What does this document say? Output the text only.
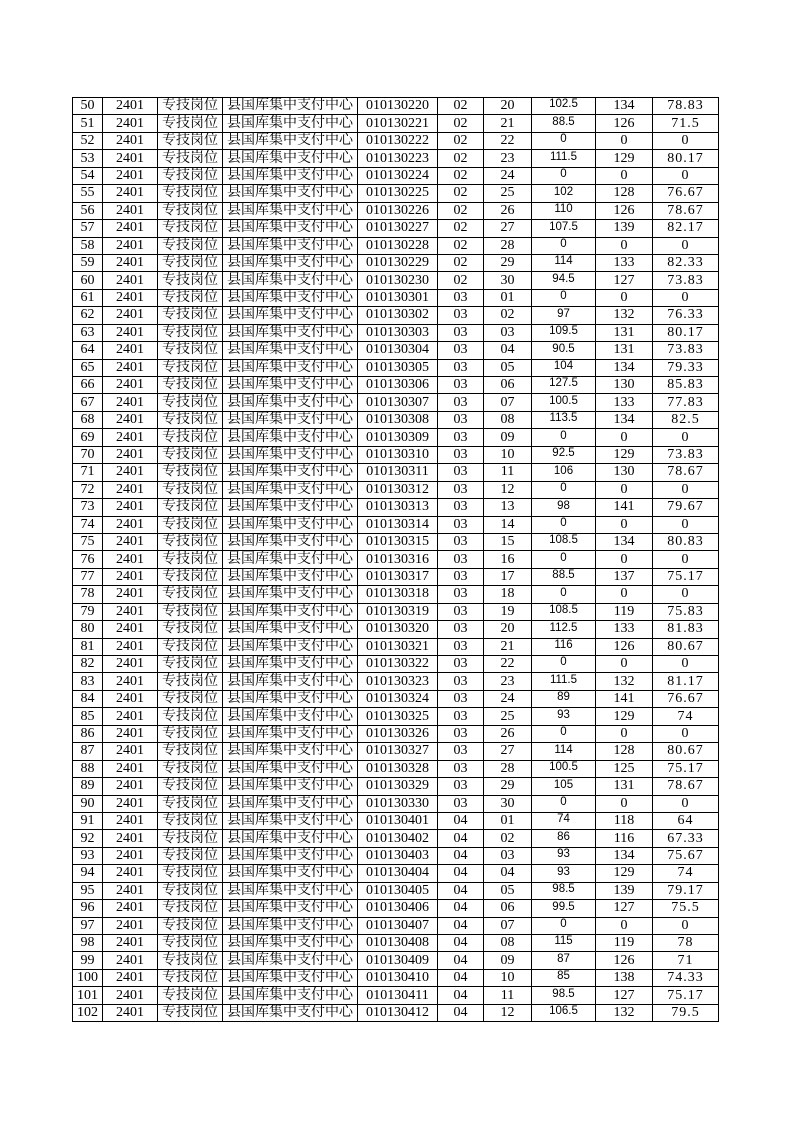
50	2401	专技岗位 县国库集中支付中心 010130220	02	20	102.5	134	78.83
51	2401	专技岗位 县国库集中支付中心 010130221	02	21	88.5	126	71.5
52	2401	专技岗位 县国库集中支付中心 010130222	02	22	0	0	0
53	2401	专技岗位 县国库集中支付中心 010130223	02	23	111.5	129	80.17
54	2401	专技岗位 县国库集中支付中心 010130224	02	24	0	0	0
55	2401	专技岗位 县国库集中支付中心 010130225	02	25	102	128	76.67
56	2401	专技岗位 县国库集中支付中心 010130226	02	26	110	126	78.67
57	2401	专技岗位 县国库集中支付中心 010130227	02	27	107.5	139	82.17
58	2401	专技岗位 县国库集中支付中心 010130228	02	28	0	0	0
59	2401	专技岗位 县国库集中支付中心 010130229	02	29	114	133	82.33
60	2401	专技岗位 县国库集中支付中心 010130230	02	30	94.5	127	73.83
61	2401	专技岗位 县国库集中支付中心 010130301	03	01	0	0	0
62	2401	专技岗位 县国库集中支付中心 010130302	03	02	97	132	76.33
63	2401	专技岗位 县国库集中支付中心 010130303	03	03	109.5	131	80.17
64	2401	专技岗位 县国库集中支付中心 010130304	03	04	90.5	131	73.83
65	2401	专技岗位 县国库集中支付中心 010130305	03	05	104	134	79.33
66	2401	专技岗位 县国库集中支付中心 010130306	03	06	127.5	130	85.83
67	2401	专技岗位 县国库集中支付中心 010130307	03	07	100.5	133	77.83
68	2401	专技岗位 县国库集中支付中心 010130308	03	08	113.5	134	82.5
69	2401	专技岗位 县国库集中支付中心 010130309	03	09	0	0	0
70	2401	专技岗位 县国库集中支付中心 010130310	03	10	92.5	129	73.83
71	2401	专技岗位 县国库集中支付中心 010130311	03	11	106	130	78.67
72	2401	专技岗位 县国库集中支付中心 010130312	03	12	0	0	0
73	2401	专技岗位 县国库集中支付中心 010130313	03	13	98	141	79.67
74	2401	专技岗位 县国库集中支付中心 010130314	03	14	0	0	0
75	2401	专技岗位 县国库集中支付中心 010130315	03	15	108.5	134	80.83
76	2401	专技岗位 县国库集中支付中心 010130316	03	16	0	0	0
77	2401	专技岗位 县国库集中支付中心 010130317	03	17	88.5	137	75.17
78	2401	专技岗位 县国库集中支付中心 010130318	03	18	0	0	0
79	2401	专技岗位 县国库集中支付中心 010130319	03	19	108.5	119	75.83
80	2401	专技岗位 县国库集中支付中心 010130320	03	20	112.5	133	81.83
81	2401	专技岗位 县国库集中支付中心 010130321	03	21	116	126	80.67
82	2401	专技岗位 县国库集中支付中心 010130322	03	22	0	0	0
83	2401	专技岗位 县国库集中支付中心 010130323	03	23	111.5	132	81.17
84	2401	专技岗位 县国库集中支付中心 010130324	03	24	89	141	76.67
85	2401	专技岗位 县国库集中支付中心 010130325	03	25	93	129	74
86	2401	专技岗位 县国库集中支付中心 010130326	03	26	0	0	0
87	2401	专技岗位 县国库集中支付中心 010130327	03	27	114	128	80.67
88	2401	专技岗位 县国库集中支付中心 010130328	03	28	100.5	125	75.17
89	2401	专技岗位 县国库集中支付中心 010130329	03	29	105	131	78.67
90	2401	专技岗位 县国库集中支付中心 010130330	03	30	0	0	0
91	2401	专技岗位 县国库集中支付中心 010130401	04	01	74	118	64
92	2401	专技岗位 县国库集中支付中心 010130402	04	02	86	116	67.33
93	2401	专技岗位 县国库集中支付中心 010130403	04	03	93	134	75.67
94	2401	专技岗位 县国库集中支付中心 010130404	04	04	93	129	74
95	2401	专技岗位 县国库集中支付中心 010130405	04	05	98.5	139	79.17
96	2401	专技岗位 县国库集中支付中心 010130406	04	06	99.5	127	75.5
97	2401	专技岗位 县国库集中支付中心 010130407	04	07	0	0	0
98	2401	专技岗位 县国库集中支付中心 010130408	04	08	115	119	78
99	2401	专技岗位 县国库集中支付中心 010130409	04	09	87	126	71
100	2401	专技岗位 县国库集中支付中心 010130410	04	10	85	138	74.33
101	2401	专技岗位 县国库集中支付中心 010130411	04	11	98.5	127	75.17
102	2401	专技岗位 县国库集中支付中心 010130412	04	12	106.5	132	79.5
